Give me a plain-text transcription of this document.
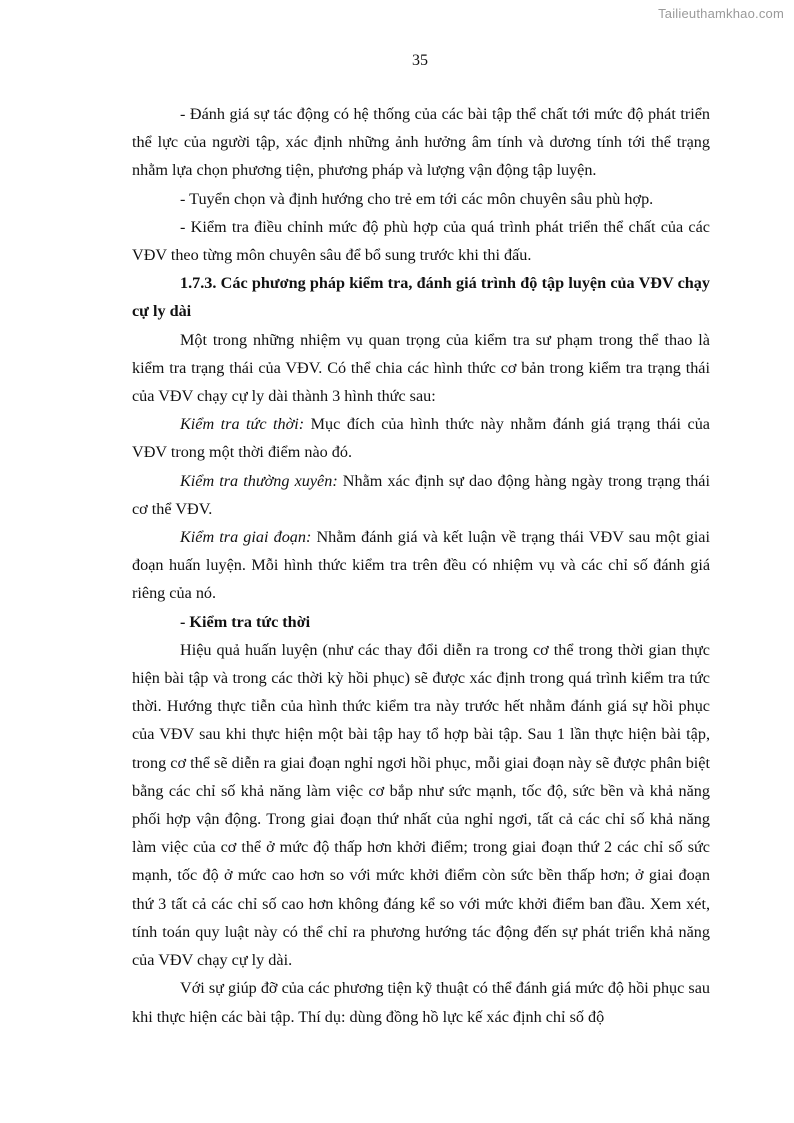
Tailieuthamkhao.com
35

- Đánh giá sự tác động có hệ thống của các bài tập thể chất tới mức độ phát triển thể lực của người tập, xác định những ảnh hưởng âm tính và dương tính tới thể trạng nhằm lựa chọn phương tiện, phương pháp và lượng vận động tập luyện.

- Tuyển chọn và định hướng cho trẻ em tới các môn chuyên sâu phù hợp.

- Kiểm tra điều chỉnh mức độ phù hợp của quá trình phát triển thể chất của các VĐV theo từng môn chuyên sâu để bổ sung trước khi thi đấu.

1.7.3. Các phương pháp kiểm tra, đánh giá trình độ tập luyện của VĐV chạy cự ly dài

Một trong những nhiệm vụ quan trọng của kiểm tra sư phạm trong thể thao là kiểm tra trạng thái của VĐV. Có thể chia các hình thức cơ bản trong kiểm tra trạng thái của VĐV chạy cự ly dài thành 3 hình thức sau:

Kiểm tra tức thời: Mục đích của hình thức này nhằm đánh giá trạng thái của VĐV trong một thời điểm nào đó.

Kiểm tra thường xuyên: Nhằm xác định sự dao động hàng ngày trong trạng thái cơ thể VĐV.

Kiểm tra giai đoạn: Nhằm đánh giá và kết luận về trạng thái VĐV sau một giai đoạn huấn luyện. Mỗi hình thức kiểm tra trên đều có nhiệm vụ và các chỉ số đánh giá riêng của nó.

- Kiểm tra tức thời

Hiệu quả huấn luyện (như các thay đổi diễn ra trong cơ thể trong thời gian thực hiện bài tập và trong các thời kỳ hồi phục) sẽ được xác định trong quá trình kiểm tra tức thời. Hướng thực tiễn của hình thức kiểm tra này trước hết nhằm đánh giá sự hồi phục của VĐV sau khi thực hiện một bài tập hay tổ hợp bài tập. Sau 1 lần thực hiện bài tập, trong cơ thể sẽ diễn ra giai đoạn nghỉ ngơi hồi phục, mỗi giai đoạn này sẽ được phân biệt bằng các chỉ số khả năng làm việc cơ bắp như sức mạnh, tốc độ, sức bền và khả năng phối hợp vận động. Trong giai đoạn thứ nhất của nghỉ ngơi, tất cả các chỉ số khả năng làm việc của cơ thể ở mức độ thấp hơn khởi điểm; trong giai đoạn thứ 2 các chỉ số sức mạnh, tốc độ ở mức cao hơn so với mức khởi điểm còn sức bền thấp hơn; ở giai đoạn thứ 3 tất cả các chỉ số cao hơn không đáng kể so với mức khởi điểm ban đầu. Xem xét, tính toán quy luật này có thể chỉ ra phương hướng tác động đến sự phát triển khả năng của VĐV chạy cự ly dài.

Với sự giúp đỡ của các phương tiện kỹ thuật có thể đánh giá mức độ hồi phục sau khi thực hiện các bài tập. Thí dụ: dùng đồng hồ lực kế xác định chỉ số độ
